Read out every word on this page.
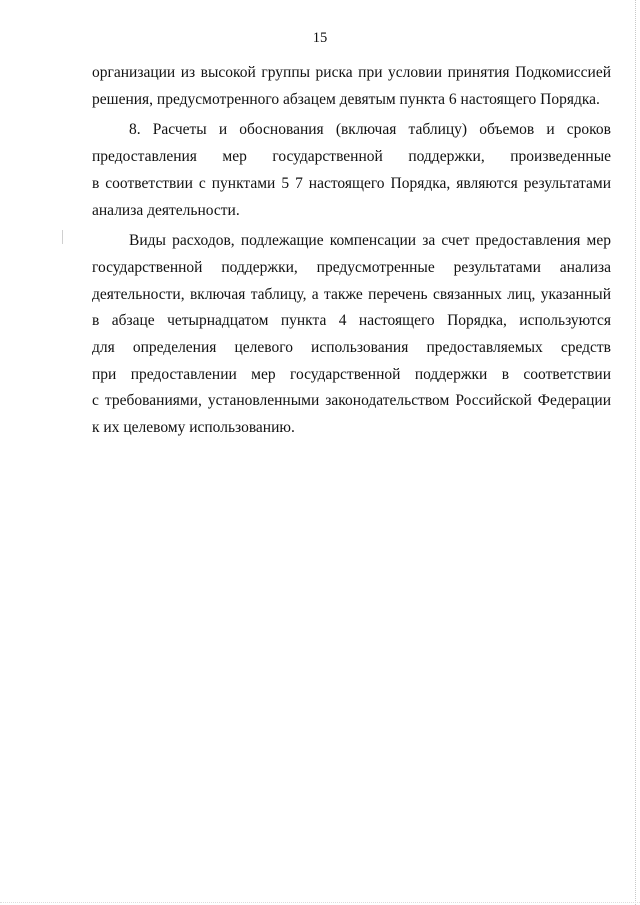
15
организации из высокой группы риска при условии принятия Подкомиссией
решения, предусмотренного абзацем девятым пункта 6 настоящего Порядка.
8. Расчеты и обоснования (включая таблицу) объемов и сроков
предоставления мер государственной поддержки, произведенные
в соответствии с пунктами 5 7 настоящего Порядка, являются результатами
анализа деятельности.
Виды расходов, подлежащие компенсации за счет предоставления мер
государственной поддержки, предусмотренные результатами анализа
деятельности, включая таблицу, а также перечень связанных лиц, указанный
в абзаце четырнадцатом пункта 4 настоящего Порядка, используются
для определения целевого использования предоставляемых средств
при предоставлении мер государственной поддержки в соответствии
с требованиями, установленными законодательством Российской Федерации
к их целевому использованию.
